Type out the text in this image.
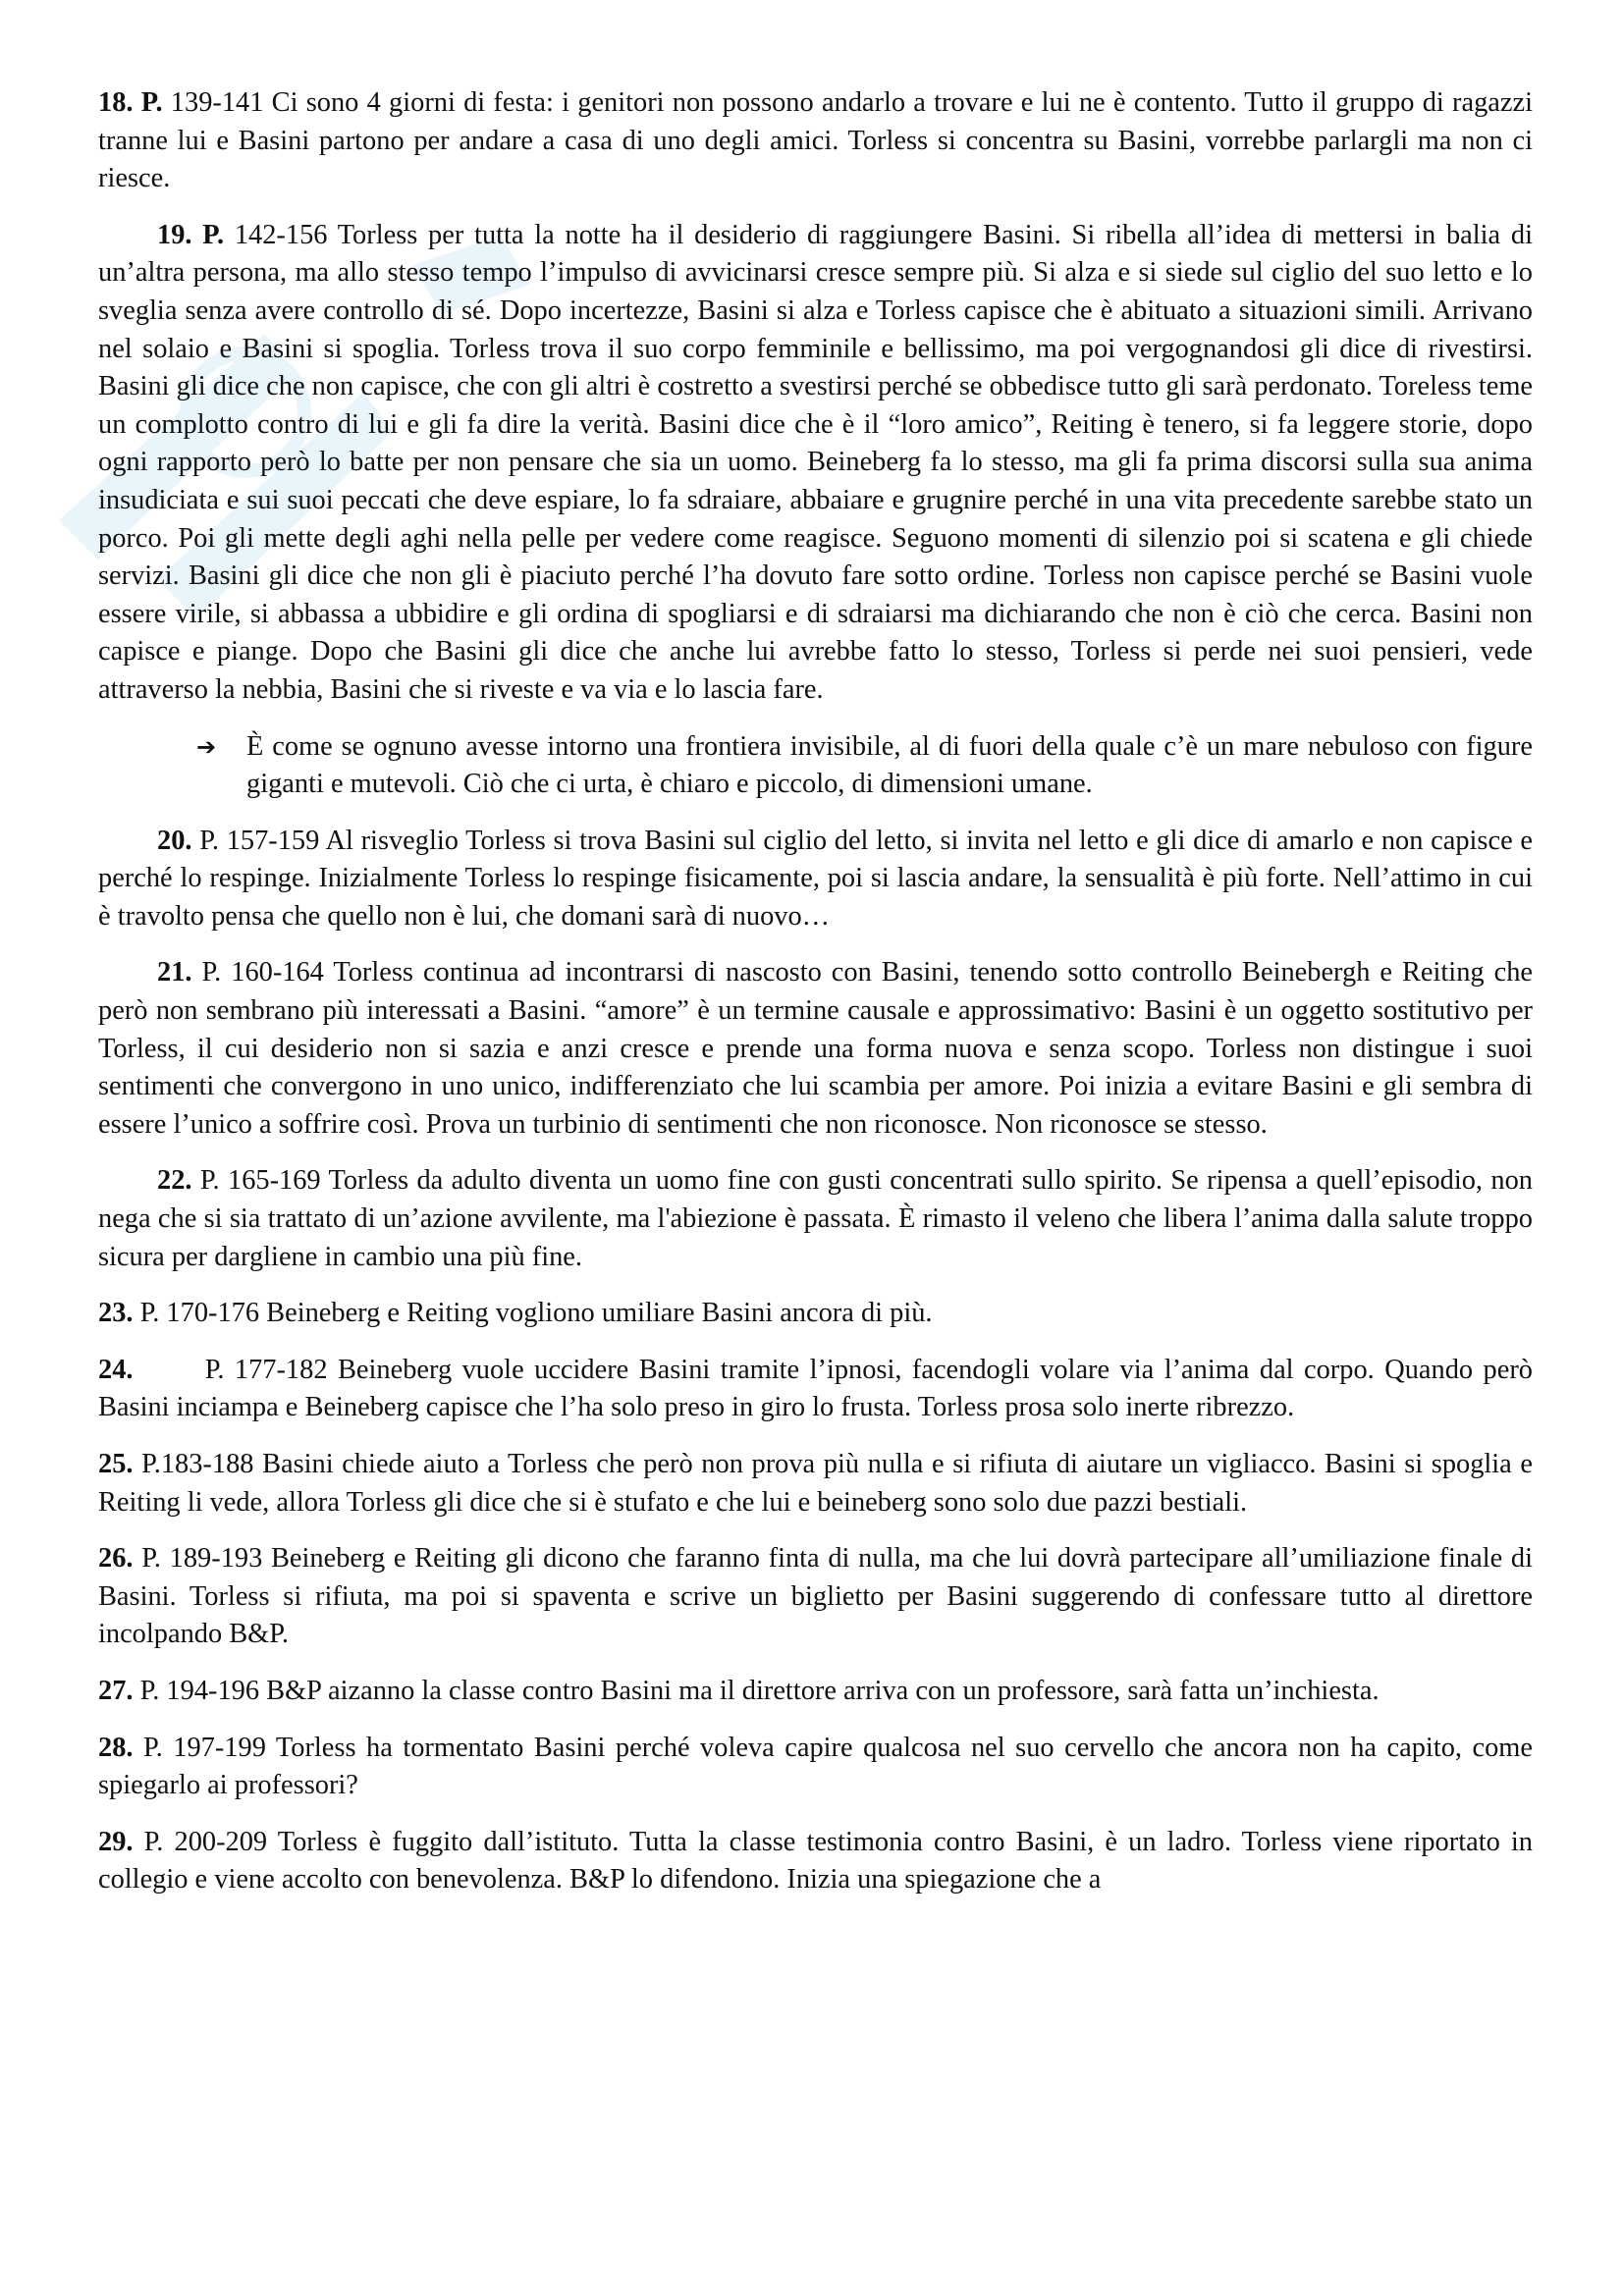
18. P. 139-141 Ci sono 4 giorni di festa: i genitori non possono andarlo a trovare e lui ne è contento. Tutto il gruppo di ragazzi tranne lui e Basini partono per andare a casa di uno degli amici. Torless si concentra su Basini, vorrebbe parlargli ma non ci riesce.

19. P. 142-156 Torless per tutta la notte ha il desiderio di raggiungere Basini. Si ribella all’idea di mettersi in balia di un’altra persona, ma allo stesso tempo l’impulso di avvicinarsi cresce sempre più. Si alza e si siede sul ciglio del suo letto e lo sveglia senza avere controllo di sé. Dopo incertezze, Basini si alza e Torless capisce che è abituato a situazioni simili. Arrivano nel solaio e Basini si spoglia. Torless trova il suo corpo femminile e bellissimo, ma poi vergognandosi gli dice di rivestirsi. Basini gli dice che non capisce, che con gli altri è costretto a svestirsi perché se obbedisce tutto gli sarà perdonato. Toreless teme un complotto contro di lui e gli fa dire la verità. Basini dice che è il “loro amico”, Reiting è tenero, si fa leggere storie, dopo ogni rapporto però lo batte per non pensare che sia un uomo. Beineberg fa lo stesso, ma gli fa prima discorsi sulla sua anima insudiciata e sui suoi peccati che deve espiare, lo fa sdraiare, abbaiare e grugnire perché in una vita precedente sarebbe stato un porco. Poi gli mette degli aghi nella pelle per vedere come reagisce. Seguono momenti di silenzio poi si scatena e gli chiede servizi. Basini gli dice che non gli è piaciuto perché l’ha dovuto fare sotto ordine. Torless non capisce perché se Basini vuole essere virile, si abbassa a ubbidire e gli ordina di spogliarsi e di sdraiarsi ma dichiarando che non è ciò che cerca. Basini non capisce e piange. Dopo che Basini gli dice che anche lui avrebbe fatto lo stesso, Torless si perde nei suoi pensieri, vede attraverso la nebbia, Basini che si riveste e va via e lo lascia fare.

➔	È come se ognuno avesse intorno una frontiera invisibile, al di fuori della quale c’è un mare nebuloso con figure giganti e mutevoli. Ciò che ci urta, è chiaro e piccolo, di dimensioni umane.

20. P. 157-159 Al risveglio Torless si trova Basini sul ciglio del letto, si invita nel letto e gli dice di amarlo e non capisce e perché lo respinge. Inizialmente Torless lo respinge fisicamente, poi si lascia andare, la sensualità è più forte. Nell’attimo in cui è travolto pensa che quello non è lui, che domani sarà di nuovo…

21. P. 160-164 Torless continua ad incontrarsi di nascosto con Basini, tenendo sotto controllo Beinebergh e Reiting che però non sembrano più interessati a Basini. “amore” è un termine causale e approssimativo: Basini è un oggetto sostitutivo per Torless, il cui desiderio non si sazia e anzi cresce e prende una forma nuova e senza scopo. Torless non distingue i suoi sentimenti che convergono in uno unico, indifferenziato che lui scambia per amore. Poi inizia a evitare Basini e gli sembra di essere l’unico a soffrire così. Prova un turbinio di sentimenti che non riconosce. Non riconosce se stesso.

22. P. 165-169 Torless da adulto diventa un uomo fine con gusti concentrati sullo spirito. Se ripensa a quell’episodio, non nega che si sia trattato di un’azione avvilente, ma l'abiezione è passata. È rimasto il veleno che libera l’anima dalla salute troppo sicura per dargliene in cambio una più fine.

23. P. 170-176 Beineberg e Reiting vogliono umiliare Basini ancora di più.

24.       P. 177-182 Beineberg vuole uccidere Basini tramite l’ipnosi, facendogli volare via l’anima dal corpo. Quando però Basini inciampa e Beineberg capisce che l’ha solo preso in giro lo frusta. Torless prosa solo inerte ribrezzo.

25. P.183-188 Basini chiede aiuto a Torless che però non prova più nulla e si rifiuta di aiutare un vigliacco. Basini si spoglia e Reiting li vede, allora Torless gli dice che si è stufato e che lui e beineberg sono solo due pazzi bestiali.

26. P. 189-193 Beineberg e Reiting gli dicono che faranno finta di nulla, ma che lui dovrà partecipare all’umiliazione finale di Basini. Torless si rifiuta, ma poi si spaventa e scrive un biglietto per Basini suggerendo di confessare tutto al direttore incolpando B&P.

27. P. 194-196 B&P aizanno la classe contro Basini ma il direttore arriva con un professore, sarà fatta un’inchiesta.

28. P. 197-199 Torless ha tormentato Basini perché voleva capire qualcosa nel suo cervello che ancora non ha capito, come spiegarlo ai professori?

29. P. 200-209 Torless è fuggito dall’istituto. Tutta la classe testimonia contro Basini, è un ladro. Torless viene riportato in collegio e viene accolto con benevolenza. B&P lo difendono. Inizia una spiegazione che a
